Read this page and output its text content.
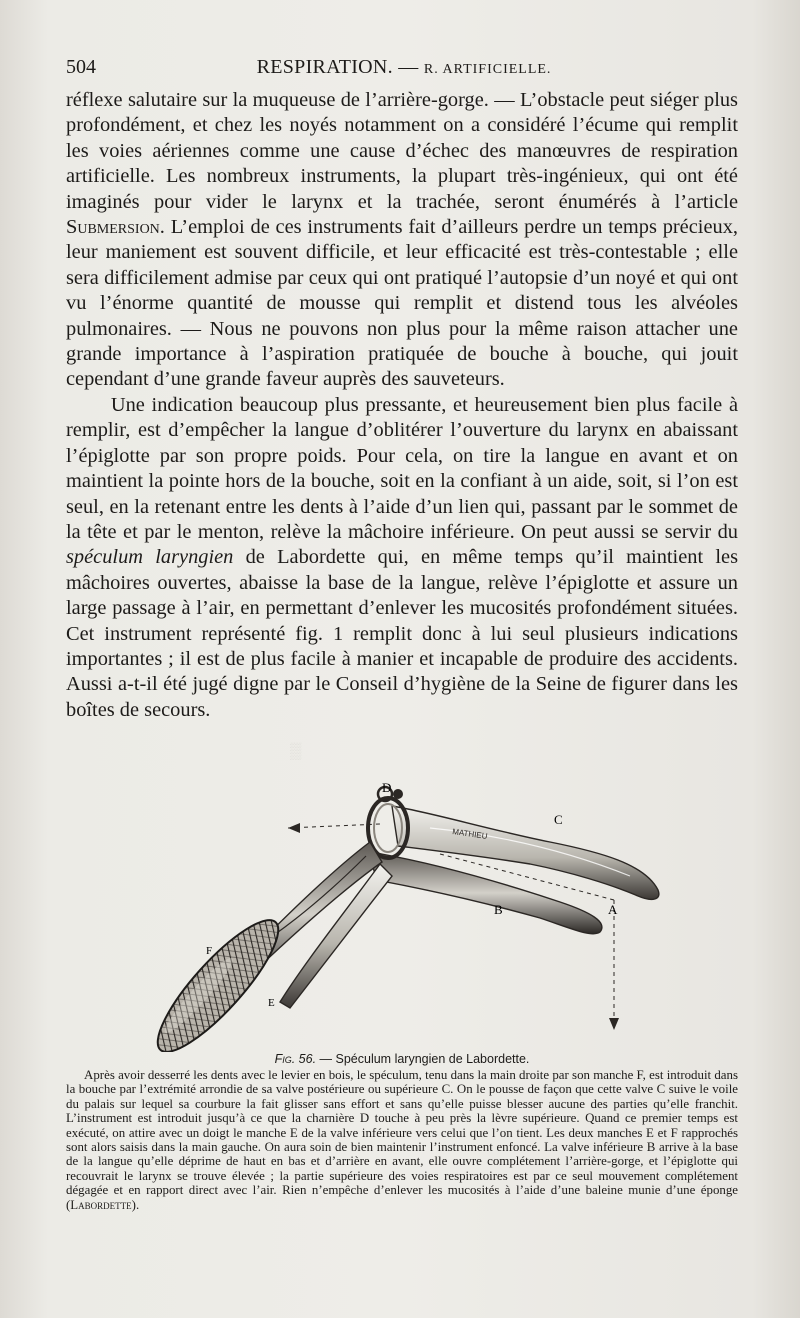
▒
504	RESPIRATION. — R. ARTIFICIELLE.

réflexe salutaire sur la muqueuse de l’arrière-gorge. — L’obstacle peut siéger plus profondément, et chez les noyés notamment on a considéré l’écume qui remplit les voies aériennes comme une cause d’échec des manœuvres de respiration artificielle. Les nombreux instruments, la plupart très-ingénieux, qui ont été imaginés pour vider le larynx et la trachée, seront énumérés à l’article Submersion. L’emploi de ces instruments fait d’ailleurs perdre un temps précieux, leur maniement est souvent difficile, et leur efficacité est très-contestable ; elle sera difficilement admise par ceux qui ont pratiqué l’autopsie d’un noyé et qui ont vu l’énorme quantité de mousse qui remplit et distend tous les alvéoles pulmonaires. — Nous ne pouvons non plus pour la même raison attacher une grande importance à l’aspiration pratiquée de bouche à bouche, qui jouit cependant d’une grande faveur auprès des sauveteurs.

Une indication beaucoup plus pressante, et heureusement bien plus facile à remplir, est d’empêcher la langue d’oblitérer l’ouverture du larynx en abaissant l’épiglotte par son propre poids. Pour cela, on tire la langue en avant et on maintient la pointe hors de la bouche, soit en la confiant à un aide, soit, si l’on est seul, en la retenant entre les dents à l’aide d’un lien qui, passant par le sommet de la tête et par le menton, relève la mâchoire inférieure. On peut aussi se servir du spéculum laryngien de Labordette qui, en même temps qu’il maintient les mâchoires ouvertes, abaisse la base de la langue, relève l’épiglotte et assure un large passage à l’air, en permettant d’enlever les mucosités profondément situées. Cet instrument représenté fig. 1 remplit donc à lui seul plusieurs indications importantes ; il est de plus facile à manier et incapable de produire des accidents. Aussi a-t-il été jugé digne par le Conseil d’hygiène de la Seine de figurer dans les boîtes de secours.

MATHIEU
D
C
B	A
F
E
Fig. 56. — Spéculum laryngien de Labordette.

Après avoir desserré les dents avec le levier en bois, le spéculum, tenu dans la main droite par son manche F, est introduit dans la bouche par l’extrémité arrondie de sa valve postérieure ou supérieure C. On le pousse de façon que cette valve C suive le voile du palais sur lequel sa courbure la fait glisser sans effort et sans qu’elle puisse blesser aucune des parties qu’elle franchit. L’instrument est introduit jusqu’à ce que la charnière D touche à peu près la lèvre supérieure. Quand ce premier temps est exécuté, on attire avec un doigt le manche E de la valve inférieure vers celui que l’on tient. Les deux manches E et F rapprochés sont alors saisis dans la main gauche. On aura soin de bien maintenir l’instrument enfoncé. La valve inférieure B arrive à la base de la langue qu’elle déprime de haut en bas et d’arrière en avant, elle ouvre complétement l’arrière-gorge, et l’épiglotte qui recouvrait le larynx se trouve élevée ; la partie supérieure des voies respiratoires est par ce seul mouvement complétement dégagée et en rapport direct avec l’air. Rien n’empêche d’enlever les mucosités à l’aide d’une baleine munie d’une éponge (Labordette).
